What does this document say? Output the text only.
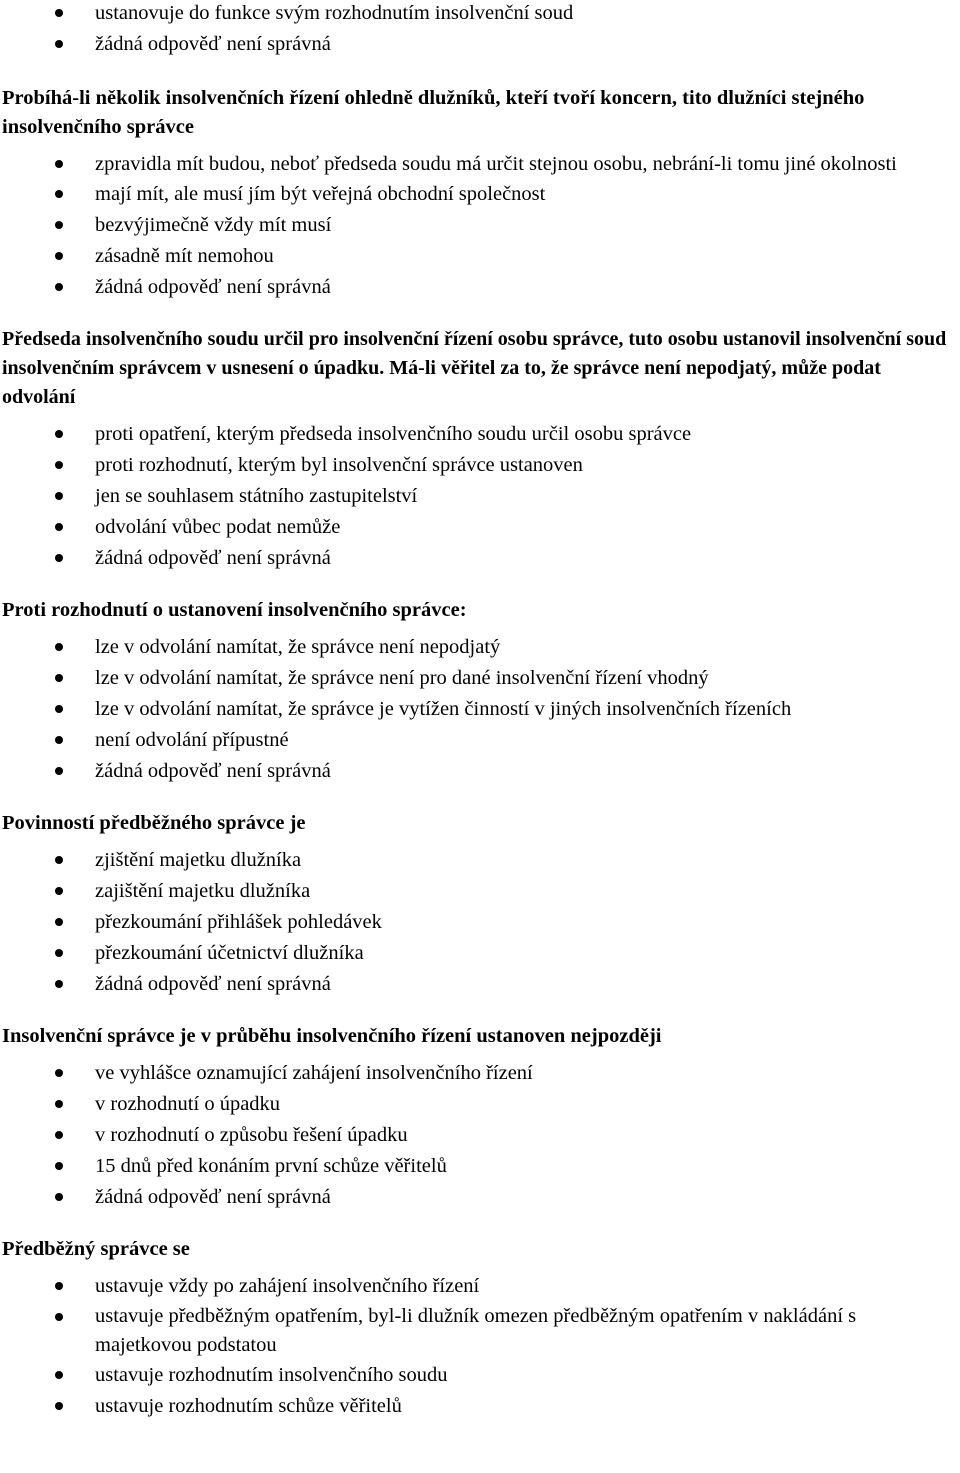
ustanovuje do funkce svým rozhodnutím insolvenční soud
žádná odpověď není správná

Probíhá-li několik insolvenčních řízení ohledně dlužníků, kteří tvoří koncern, tito dlužníci stejného insolvenčního správce

zpravidla mít budou, neboť předseda soudu má určit stejnou osobu, nebrání-li tomu jiné okolnosti
mají mít, ale musí jím být veřejná obchodní společnost
bezvýjimečně vždy mít musí
zásadně mít nemohou
žádná odpověď není správná

Předseda insolvenčního soudu určil pro insolvenční řízení osobu správce, tuto osobu ustanovil insolvenční soud insolvenčním správcem v usnesení o úpadku. Má-li věřitel za to, že správce není nepodjatý, může podat odvolání

proti opatření, kterým předseda insolvenčního soudu určil osobu správce
proti rozhodnutí, kterým byl insolvenční správce ustanoven
jen se souhlasem státního zastupitelství
odvolání vůbec podat nemůže
žádná odpověď není správná

Proti rozhodnutí o ustanovení insolvenčního správce:

lze v odvolání namítat, že správce není nepodjatý
lze v odvolání namítat, že správce není pro dané insolvenční řízení vhodný
lze v odvolání namítat, že správce je vytížen činností v jiných insolvenčních řízeních
není odvolání přípustné
žádná odpověď není správná

Povinností předběžného správce je

zjištění majetku dlužníka
zajištění majetku dlužníka
přezkoumání přihlášek pohledávek
přezkoumání účetnictví dlužníka
žádná odpověď není správná

Insolvenční správce je v průběhu insolvenčního řízení ustanoven nejpozději

ve vyhlášce oznamující zahájení insolvenčního řízení
v rozhodnutí o úpadku
v rozhodnutí o způsobu řešení úpadku
15 dnů před konáním první schůze věřitelů
žádná odpověď není správná

Předběžný správce se

ustavuje vždy po zahájení insolvenčního řízení
ustavuje předběžným opatřením, byl-li dlužník omezen předběžným opatřením v nakládání s majetkovou podstatou
ustavuje rozhodnutím insolvenčního soudu
ustavuje rozhodnutím schůze věřitelů
